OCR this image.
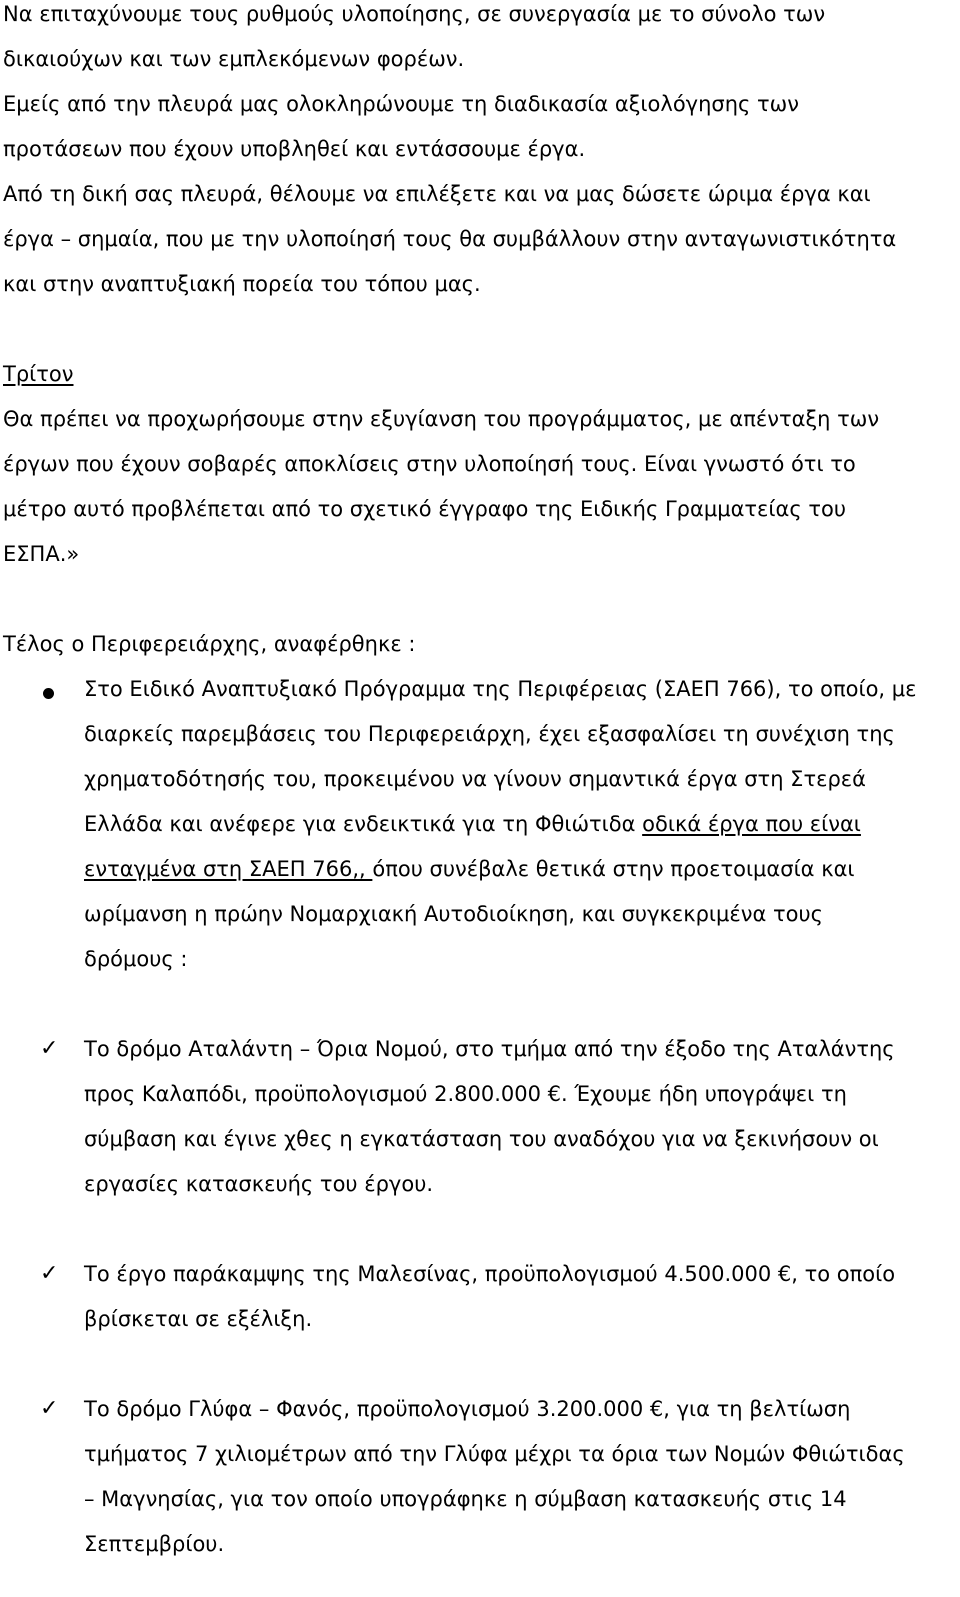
Να επιταχύνουμε τους ρυθμούς υλοποίησης, σε συνεργασία με το σύνολο των
δικαιούχων και των εμπλεκόμενων φορέων.
Εμείς από την πλευρά μας ολοκληρώνουμε τη διαδικασία αξιολόγησης των
προτάσεων που έχουν υποβληθεί και εντάσσουμε έργα.
Από τη δική σας πλευρά, θέλουμε να επιλέξετε και να μας δώσετε ώριμα έργα και
έργα – σημαία, που με την υλοποίησή τους θα συμβάλλουν στην ανταγωνιστικότητα
και στην αναπτυξιακή πορεία του τόπου μας.
Τρίτον
Θα πρέπει να προχωρήσουμε στην εξυγίανση του προγράμματος, με απένταξη των
έργων που έχουν σοβαρές αποκλίσεις στην υλοποίησή τους. Είναι γνωστό ότι το
μέτρο αυτό προβλέπεται από το σχετικό έγγραφο της Ειδικής Γραμματείας του
ΕΣΠΑ.»
Τέλος ο Περιφερειάρχης, αναφέρθηκε :
Στο Ειδικό Αναπτυξιακό Πρόγραμμα της Περιφέρειας (ΣΑΕΠ 766), το οποίο, με
διαρκείς παρεμβάσεις του Περιφερειάρχη, έχει εξασφαλίσει τη συνέχιση της
χρηματοδότησής του, προκειμένου να γίνουν σημαντικά έργα στη Στερεά
Ελλάδα και ανέφερε για ενδεικτικά για τη Φθιώτιδα οδικά έργα που είναι
ενταγμένα στη ΣΑΕΠ 766,, όπου συνέβαλε θετικά στην προετοιμασία και
ωρίμανση η πρώην Νομαρχιακή Αυτοδιοίκηση, και συγκεκριμένα τους
δρόμους :
✓ Το δρόμο Αταλάντη – Όρια Νομού, στο τμήμα από την έξοδο της Αταλάντης
προς Καλαπόδι, προϋπολογισμού 2.800.000 €. Έχουμε ήδη υπογράψει τη
σύμβαση και έγινε χθες η εγκατάσταση του αναδόχου για να ξεκινήσουν οι
εργασίες κατασκευής του έργου.
✓ Το έργο παράκαμψης της Μαλεσίνας, προϋπολογισμού 4.500.000 €, το οποίο
βρίσκεται σε εξέλιξη.
✓ Το δρόμο Γλύφα – Φανός, προϋπολογισμού 3.200.000 €, για τη βελτίωση
τμήματος 7 χιλιομέτρων από την Γλύφα μέχρι τα όρια των Νομών Φθιώτιδας
– Μαγνησίας, για τον οποίο υπογράφηκε η σύμβαση κατασκευής στις 14
Σεπτεμβρίου.
